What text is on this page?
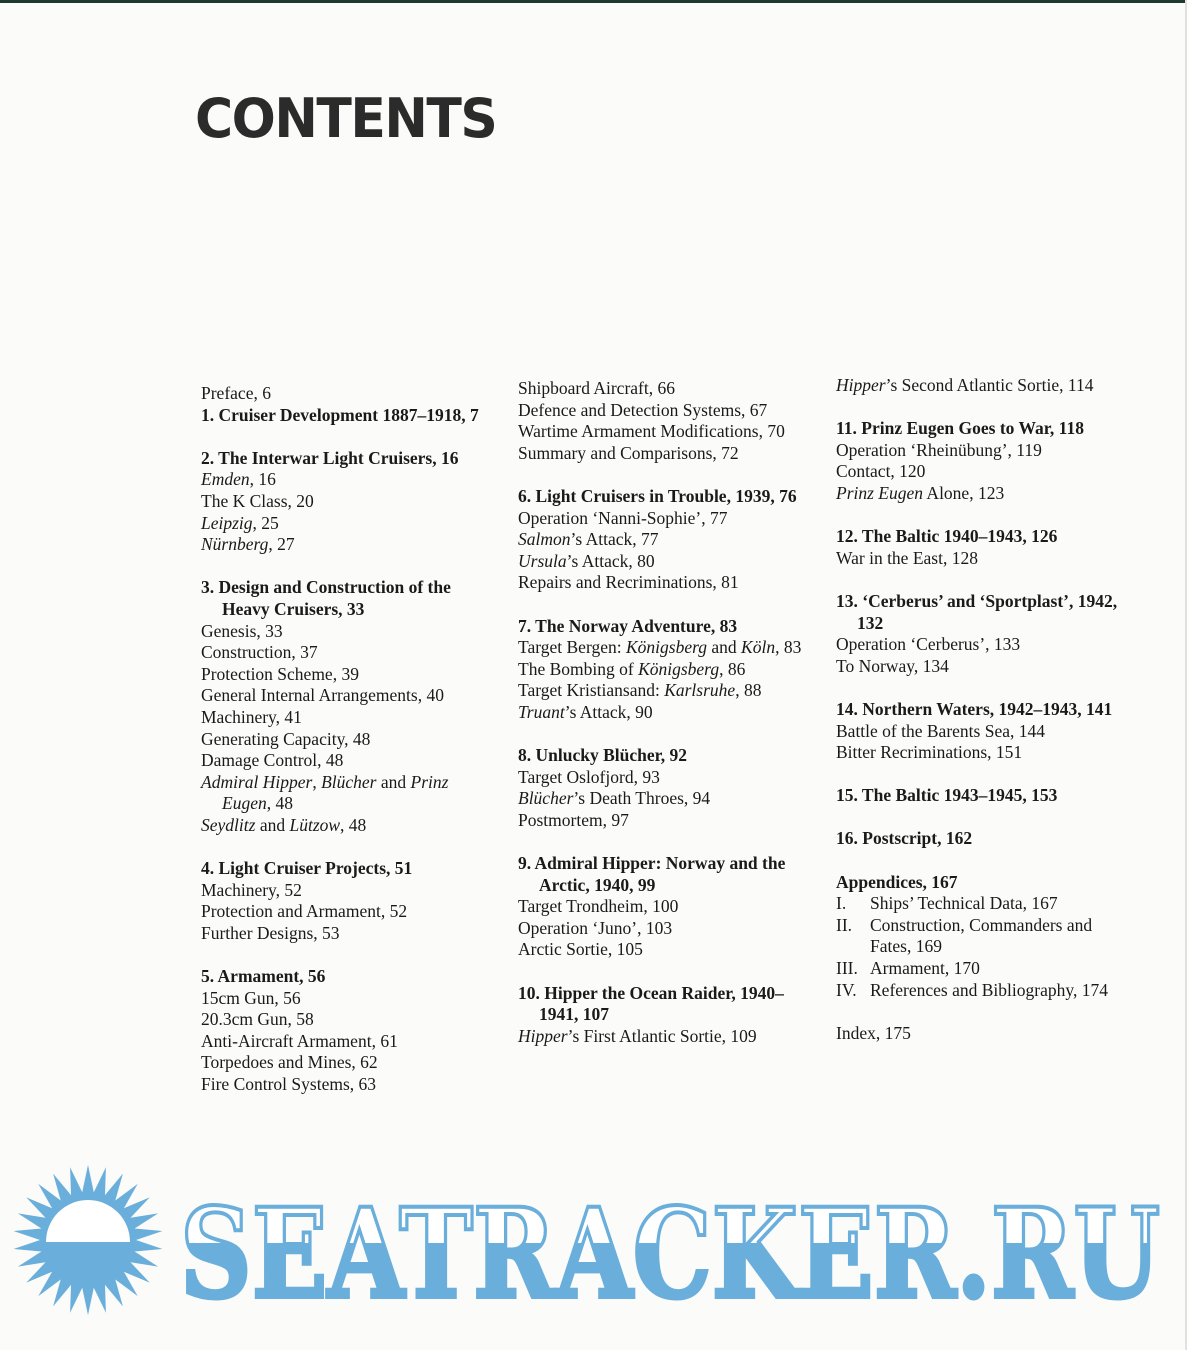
CONTENTS

Preface, 6

1. Cruiser Development 1887–1918, 7

2. The Interwar Light Cruisers, 16

Emden, 16

The K Class, 20

Leipzig, 25

Nürnberg, 27

3. Design and Construction of the Heavy Cruisers, 33

Genesis, 33

Construction, 37

Protection Scheme, 39

General Internal Arrangements, 40

Machinery, 41

Generating Capacity, 48

Damage Control, 48

Admiral Hipper, Blücher and Prinz Eugen, 48

Seydlitz and Lützow, 48

4. Light Cruiser Projects, 51

Machinery, 52

Protection and Armament, 52

Further Designs, 53

5. Armament, 56

15cm Gun, 56

20.3cm Gun, 58

Anti-Aircraft Armament, 61

Torpedoes and Mines, 62

Fire Control Systems, 63

Shipboard Aircraft, 66

Defence and Detection Systems, 67

Wartime Armament Modifications, 70

Summary and Comparisons, 72

6. Light Cruisers in Trouble, 1939, 76

Operation ‘Nanni-Sophie’, 77

Salmon’s Attack, 77

Ursula’s Attack, 80

Repairs and Recriminations, 81

7. The Norway Adventure, 83

Target Bergen: Königsberg and Köln, 83

The Bombing of Königsberg, 86

Target Kristiansand: Karlsruhe, 88

Truant’s Attack, 90

8. Unlucky Blücher, 92

Target Oslofjord, 93

Blücher’s Death Throes, 94

Postmortem, 97

9. Admiral Hipper: Norway and the Arctic, 1940, 99

Target Trondheim, 100

Operation ‘Juno’, 103

Arctic Sortie, 105

10. Hipper the Ocean Raider, 1940–1941, 107

Hipper’s First Atlantic Sortie, 109

Hipper’s Second Atlantic Sortie, 114

11. Prinz Eugen Goes to War, 118

Operation ‘Rheinübung’, 119

Contact, 120

Prinz Eugen Alone, 123

12. The Baltic 1940–1943, 126

War in the East, 128

13. ‘Cerberus’ and ‘Sportplast’, 1942, 132

Operation ‘Cerberus’, 133

To Norway, 134

14. Northern Waters, 1942–1943, 141

Battle of the Barents Sea, 144

Bitter Recriminations, 151

15. The Baltic 1943–1945, 153

16. Postscript, 162

Appendices, 167

I. Ships’ Technical Data, 167

II. Construction, Commanders and Fates, 169

III. Armament, 170

IV. References and Bibliography, 174

Index, 175

SEATRACKER.RU
